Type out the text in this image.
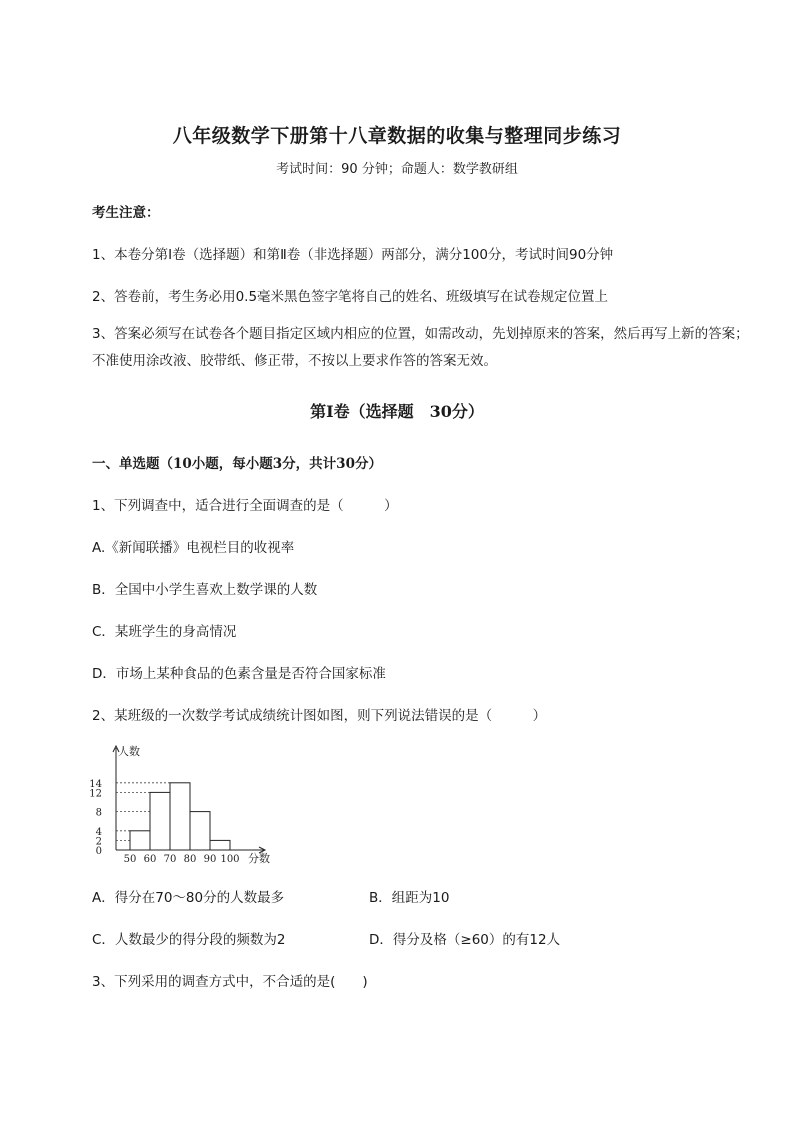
八年级数学下册第十八章数据的收集与整理同步练习
考试时间：90 分钟；命题人：数学教研组
考生注意：
1、本卷分第Ⅰ卷（选择题）和第Ⅱ卷（非选择题）两部分，满分100分，考试时间90分钟
2、答卷前，考生务必用0.5毫米黑色签字笔将自己的姓名、班级填写在试卷规定位置上
3、答案必须写在试卷各个题目指定区域内相应的位置，如需改动，先划掉原来的答案，然后再写上新的答案；不准使用涂改液、胶带纸、修正带，不按以上要求作答的答案无效。
第Ⅰ卷（选择题　30分）
一、单选题（10小题，每小题3分，共计30分）
1、下列调查中，适合进行全面调查的是（　　　）
A.《新闻联播》电视栏目的收视率
B．全国中小学生喜欢上数学课的人数
C．某班学生的身高情况
D．市场上某种食品的色素含量是否符合国家标准
2、某班级的一次数学考试成绩统计图如图，则下列说法错误的是（　　　）
人数
分数
0
2
4
8
12
14
50 60 70 80 90 100
A．得分在70～80分的人数最多	B．组距为10
C．人数最少的得分段的频数为2	D．得分及格（≥60）的有12人
3、下列采用的调查方式中，不合适的是(　　)
